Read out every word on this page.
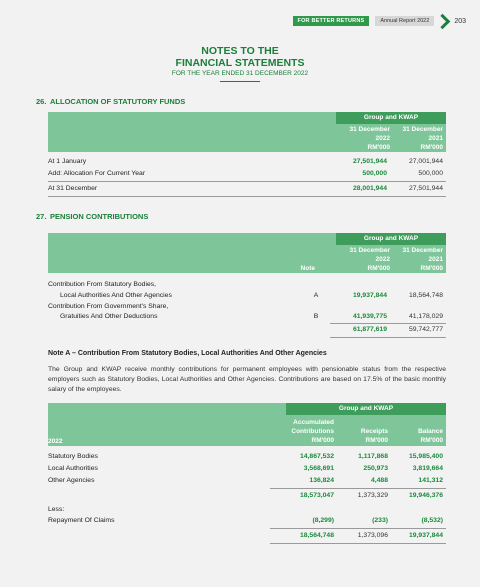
FOR BETTER RETURNS	Annual Report 2022	203
NOTES TO THE
FINANCIAL STATEMENTS
FOR THE YEAR ENDED 31 DECEMBER 2022
26. ALLOCATION OF STATUTORY FUNDS
Group and KWAP
31 December
2022
RM'000
31 December
2021
RM'000
At 1 January	27,501,944	27,001,944
Add: Allocation For Current Year	500,000	500,000
At 31 December	28,001,944	27,501,944
27. PENSION CONTRIBUTIONS
Group and KWAP
Note
31 December
2022
RM'000
31 December
2021
RM'000
Contribution From Statutory Bodies,
Local Authorities And Other Agencies	A	19,937,844	18,564,748
Contribution From Government's Share,
Gratuities And Other Deductions	B	41,939,775	41,178,029
61,877,619	59,742,777
Note A – Contribution From Statutory Bodies, Local Authorities And Other Agencies
The Group and KWAP receive monthly contributions for permanent employees with pensionable status from the respective employers such as Statutory Bodies, Local Authorities and Other Agencies. Contributions are based on 17.5% of the basic monthly salary of the employees.
Group and KWAP
2022
Accumulated
Contributions
RM'000
Receipts
RM'000
Balance
RM'000
Statutory Bodies	14,867,532	1,117,868	15,985,400
Local Authorities	3,568,691	250,973	3,819,664
Other Agencies	136,824	4,488	141,312
18,573,047	1,373,329	19,946,376
Less:
Repayment Of Claims	(8,299)	(233)	(8,532)
18,564,748	1,373,096	19,937,844
